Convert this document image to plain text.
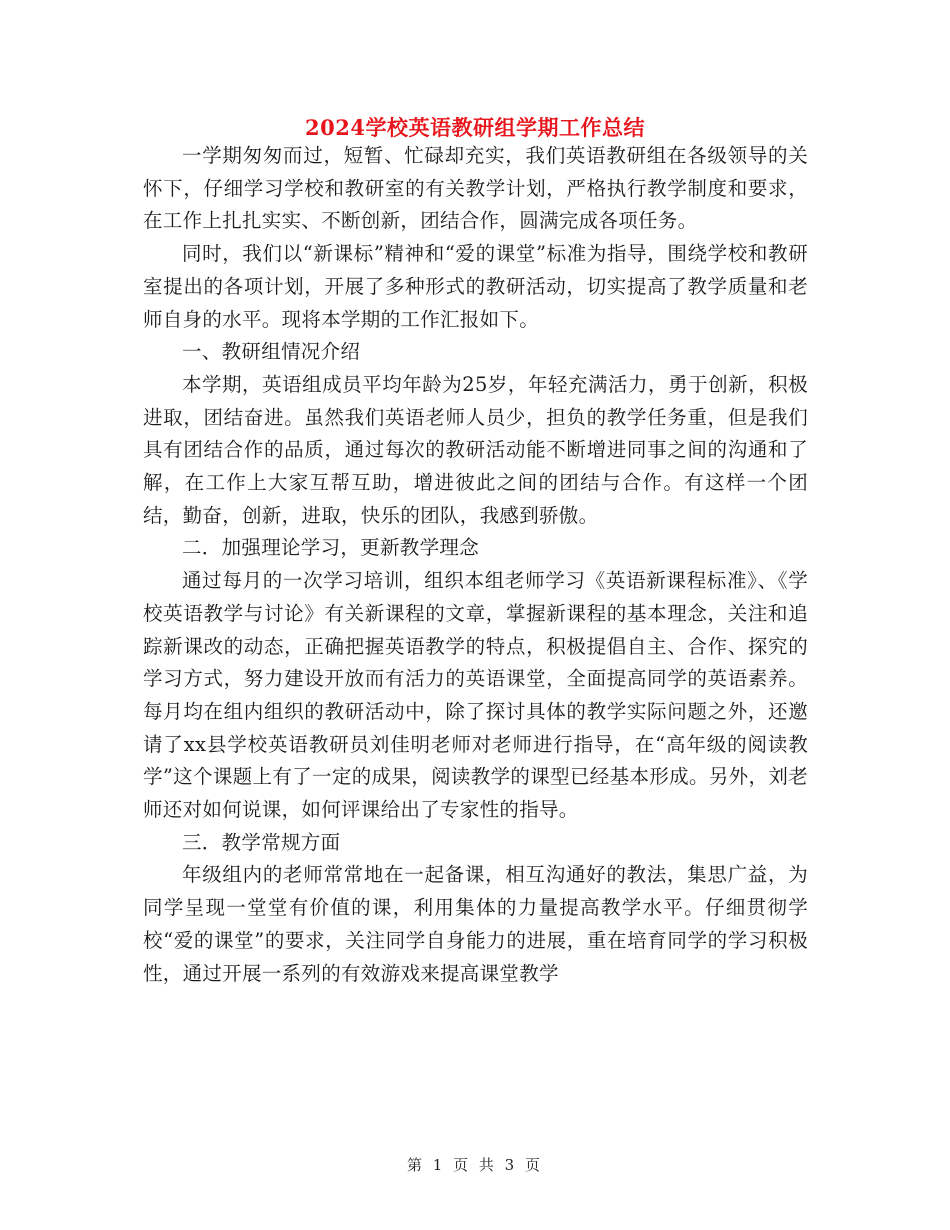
2024学校英语教研组学期工作总结

一学期匆匆而过，短暂、忙碌却充实，我们英语教研组在各级领导的关怀下，仔细学习学校和教研室的有关教学计划，严格执行教学制度和要求，在工作上扎扎实实、不断创新，团结合作，圆满完成各项任务。

同时，我们以“新课标”精神和“爱的课堂”标准为指导，围绕学校和教研室提出的各项计划，开展了多种形式的教研活动，切实提高了教学质量和老师自身的水平。现将本学期的工作汇报如下。

一、教研组情况介绍

本学期，英语组成员平均年龄为25岁，年轻充满活力，勇于创新，积极进取，团结奋进。虽然我们英语老师人员少，担负的教学任务重，但是我们具有团结合作的品质，通过每次的教研活动能不断增进同事之间的沟通和了解，在工作上大家互帮互助，增进彼此之间的团结与合作。有这样一个团结，勤奋，创新，进取，快乐的团队，我感到骄傲。

二．加强理论学习，更新教学理念

通过每月的一次学习培训，组织本组老师学习《英语新课程标准》、《学校英语教学与讨论》有关新课程的文章，掌握新课程的基本理念，关注和追踪新课改的动态，正确把握英语教学的特点，积极提倡自主、合作、探究的学习方式，努力建设开放而有活力的英语课堂，全面提高同学的英语素养。每月均在组内组织的教研活动中，除了探讨具体的教学实际问题之外，还邀请了xx县学校英语教研员刘佳明老师对老师进行指导，在“高年级的阅读教学”这个课题上有了一定的成果，阅读教学的课型已经基本形成。另外，刘老师还对如何说课，如何评课给出了专家性的指导。

三．教学常规方面

年级组内的老师常常地在一起备课，相互沟通好的教法，集思广益，为同学呈现一堂堂有价值的课，利用集体的力量提高教学水平。仔细贯彻学校“爱的课堂”的要求，关注同学自身能力的进展，重在培育同学的学习积极性，通过开展一系列的有效游戏来提高课堂教学

第 1 页 共 3 页
